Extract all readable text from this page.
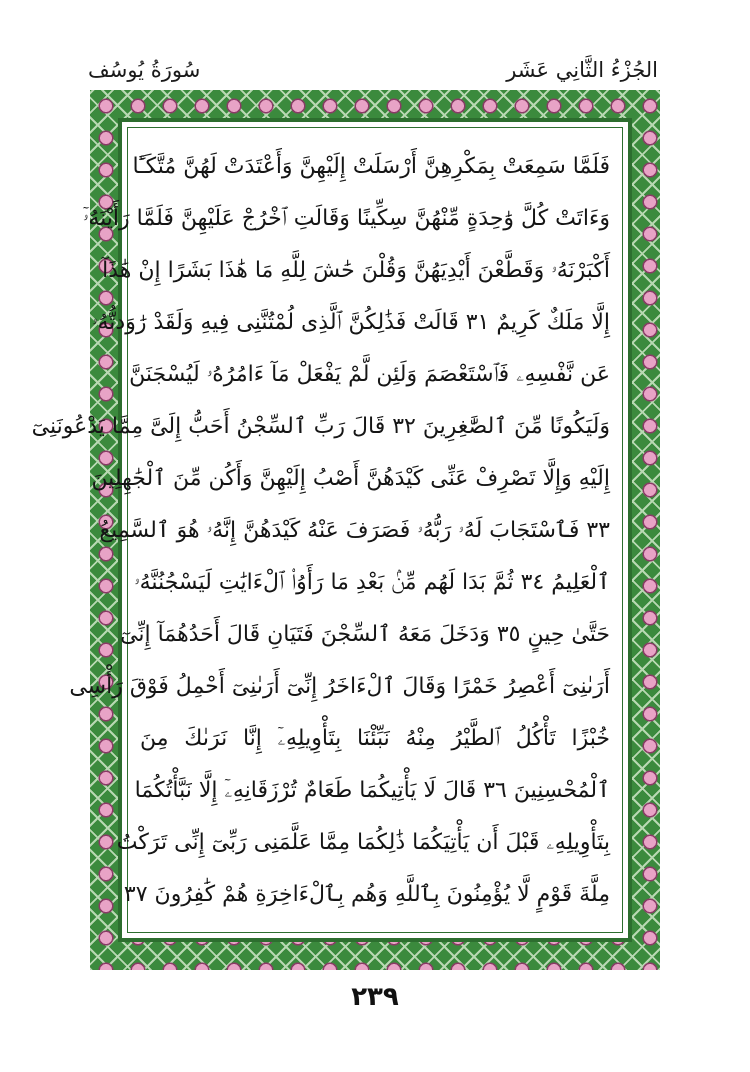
سُورَةُ يُوسُف	الجُزْءُ الثَّانِي عَشَر
فَلَمَّا سَمِعَتْ بِمَكْرِهِنَّ أَرْسَلَتْ إِلَيْهِنَّ وَأَعْتَدَتْ لَهُنَّ مُتَّكَـًٔا
وَءَاتَتْ كُلَّ وَٰحِدَةٍ مِّنْهُنَّ سِكِّينًا وَقَالَتِ ٱخْرُجْ عَلَيْهِنَّ فَلَمَّا رَأَيْنَهُۥٓ
أَكْبَرْنَهُۥ وَقَطَّعْنَ أَيْدِيَهُنَّ وَقُلْنَ حَٰشَ لِلَّهِ مَا هَٰذَا بَشَرًا إِنْ هَٰذَآ
إِلَّا مَلَكٌ كَرِيمٌ ٣١ قَالَتْ فَذَٰلِكُنَّ ٱلَّذِى لُمْتُنَّنِى فِيهِ وَلَقَدْ رَٰوَدتُّهُۥ
عَن نَّفْسِهِۦ فَٱسْتَعْصَمَ وَلَئِن لَّمْ يَفْعَلْ مَآ ءَامُرُهُۥ لَيُسْجَنَنَّ
وَلَيَكُونًا مِّنَ ٱلصَّٰغِرِينَ ٣٢ قَالَ رَبِّ ٱلسِّجْنُ أَحَبُّ إِلَىَّ مِمَّا يَدْعُونَنِىٓ
إِلَيْهِ وَإِلَّا تَصْرِفْ عَنِّى كَيْدَهُنَّ أَصْبُ إِلَيْهِنَّ وَأَكُن مِّنَ ٱلْجَٰهِلِينَ
٣٣ فَٱسْتَجَابَ لَهُۥ رَبُّهُۥ فَصَرَفَ عَنْهُ كَيْدَهُنَّ إِنَّهُۥ هُوَ ٱلسَّمِيعُ
ٱلْعَلِيمُ ٣٤ ثُمَّ بَدَا لَهُم مِّنۢ بَعْدِ مَا رَأَوُا۟ ٱلْءَايَٰتِ لَيَسْجُنُنَّهُۥ
حَتَّىٰ حِينٍ ٣٥ وَدَخَلَ مَعَهُ ٱلسِّجْنَ فَتَيَانِ قَالَ أَحَدُهُمَآ إِنِّىٓ
أَرَىٰنِىٓ أَعْصِرُ خَمْرًا وَقَالَ ٱلْءَاخَرُ إِنِّىٓ أَرَىٰنِىٓ أَحْمِلُ فَوْقَ رَأْسِى
خُبْزًا تَأْكُلُ ٱلطَّيْرُ مِنْهُ نَبِّئْنَا بِتَأْوِيلِهِۦٓ إِنَّا نَرَىٰكَ مِنَ
ٱلْمُحْسِنِينَ ٣٦ قَالَ لَا يَأْتِيكُمَا طَعَامٌ تُرْزَقَانِهِۦٓ إِلَّا نَبَّأْتُكُمَا
بِتَأْوِيلِهِۦ قَبْلَ أَن يَأْتِيَكُمَا ذَٰلِكُمَا مِمَّا عَلَّمَنِى رَبِّىٓ إِنِّى تَرَكْتُ
مِلَّةَ قَوْمٍ لَّا يُؤْمِنُونَ بِٱللَّهِ وَهُم بِٱلْءَاخِرَةِ هُمْ كَٰفِرُونَ ٣٧
٢٣٩
